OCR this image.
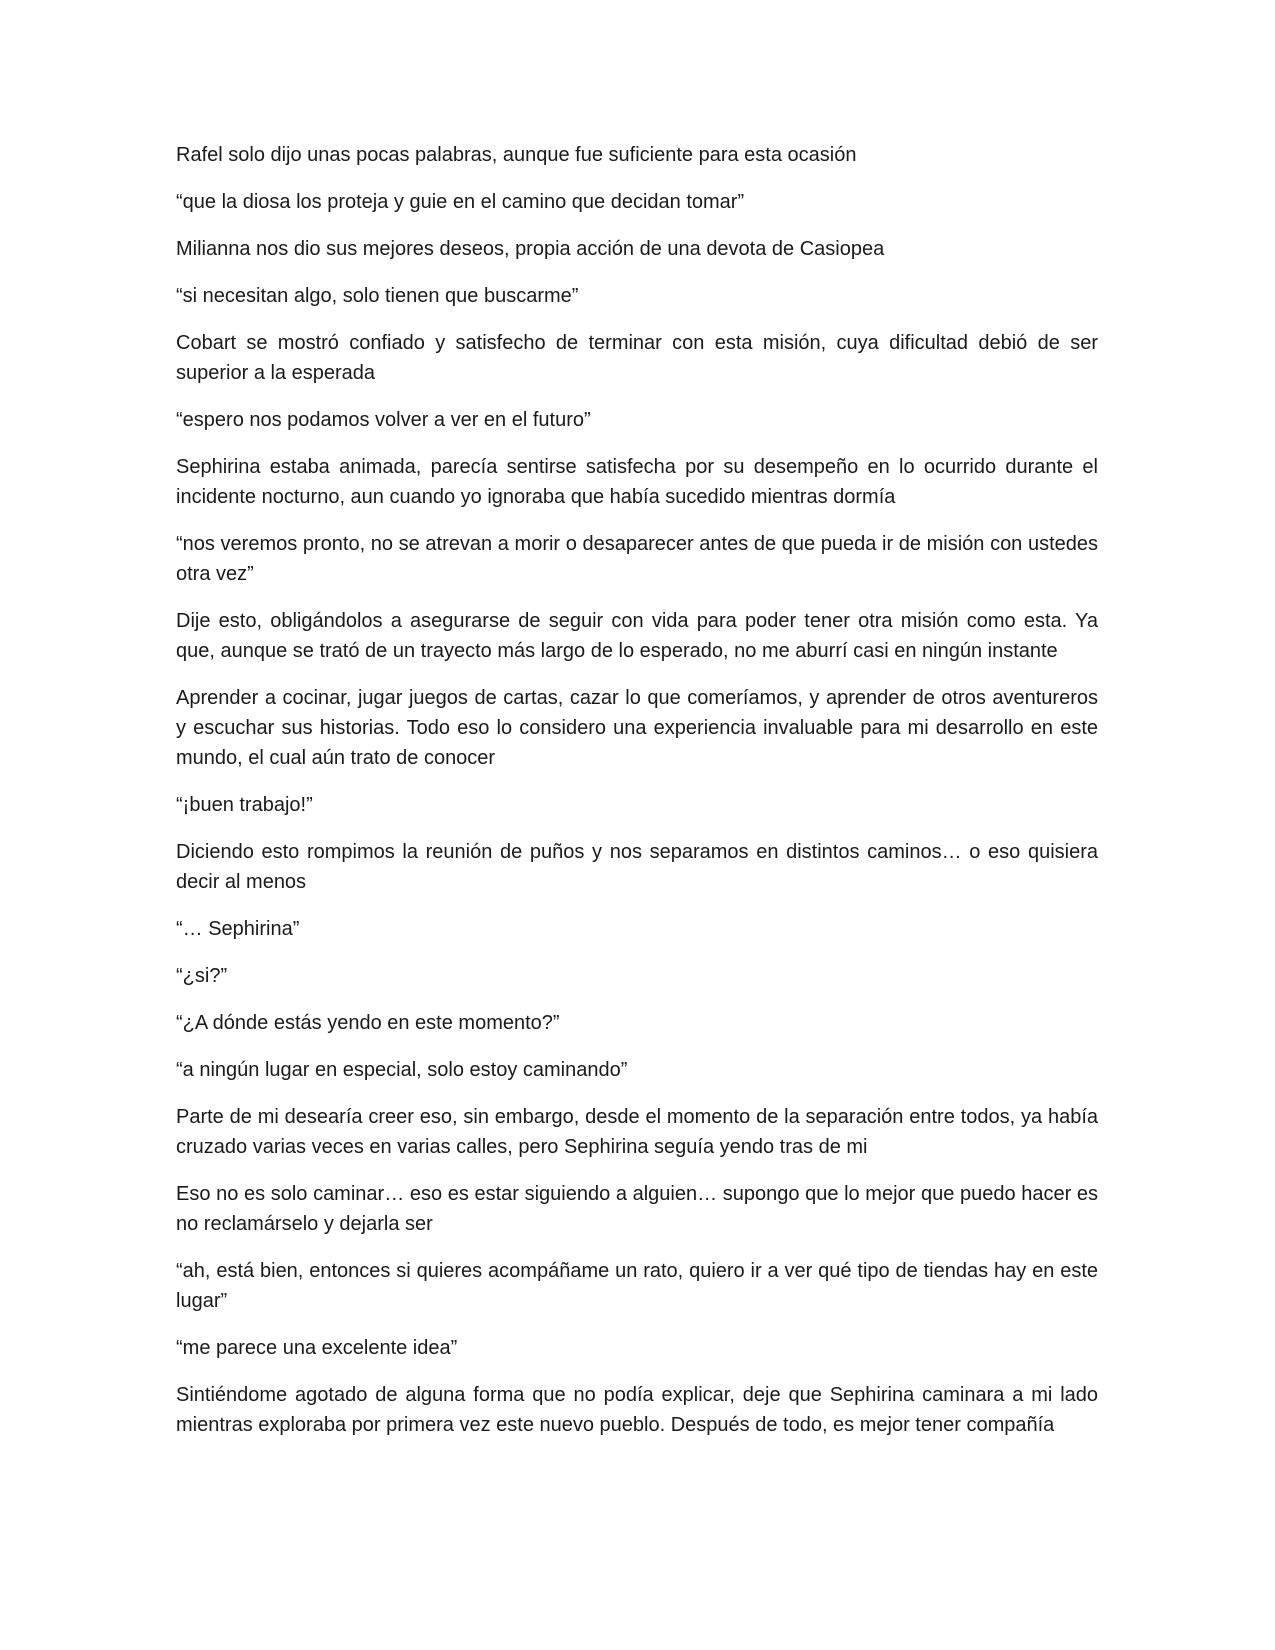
Rafel solo dijo unas pocas palabras, aunque fue suficiente para esta ocasión

“que la diosa los proteja y guie en el camino que decidan tomar”

Milianna nos dio sus mejores deseos, propia acción de una devota de Casiopea

“si necesitan algo, solo tienen que buscarme”

Cobart se mostró confiado y satisfecho de terminar con esta misión, cuya dificultad debió de ser superior a la esperada

“espero nos podamos volver a ver en el futuro”

Sephirina estaba animada, parecía sentirse satisfecha por su desempeño en lo ocurrido durante el incidente nocturno, aun cuando yo ignoraba que había sucedido mientras dormía

“nos veremos pronto, no se atrevan a morir o desaparecer antes de que pueda ir de misión con ustedes otra vez”

Dije esto, obligándolos a asegurarse de seguir con vida para poder tener otra misión como esta. Ya que, aunque se trató de un trayecto más largo de lo esperado, no me aburrí casi en ningún instante

Aprender a cocinar, jugar juegos de cartas, cazar lo que comeríamos, y aprender de otros aventureros y escuchar sus historias. Todo eso lo considero una experiencia invaluable para mi desarrollo en este mundo, el cual aún trato de conocer

“¡buen trabajo!”

Diciendo esto rompimos la reunión de puños y nos separamos en distintos caminos… o eso quisiera decir al menos

“… Sephirina”

“¿si?”

“¿A dónde estás yendo en este momento?”

“a ningún lugar en especial, solo estoy caminando”

Parte de mi desearía creer eso, sin embargo, desde el momento de la separación entre todos, ya había cruzado varias veces en varias calles, pero Sephirina seguía yendo tras de mi

Eso no es solo caminar… eso es estar siguiendo a alguien… supongo que lo mejor que puedo hacer es no reclamárselo y dejarla ser

“ah, está bien, entonces si quieres acompáñame un rato, quiero ir a ver qué tipo de tiendas hay en este lugar”

“me parece una excelente idea”

Sintiéndome agotado de alguna forma que no podía explicar, deje que Sephirina caminara a mi lado mientras exploraba por primera vez este nuevo pueblo. Después de todo, es mejor tener compañía
